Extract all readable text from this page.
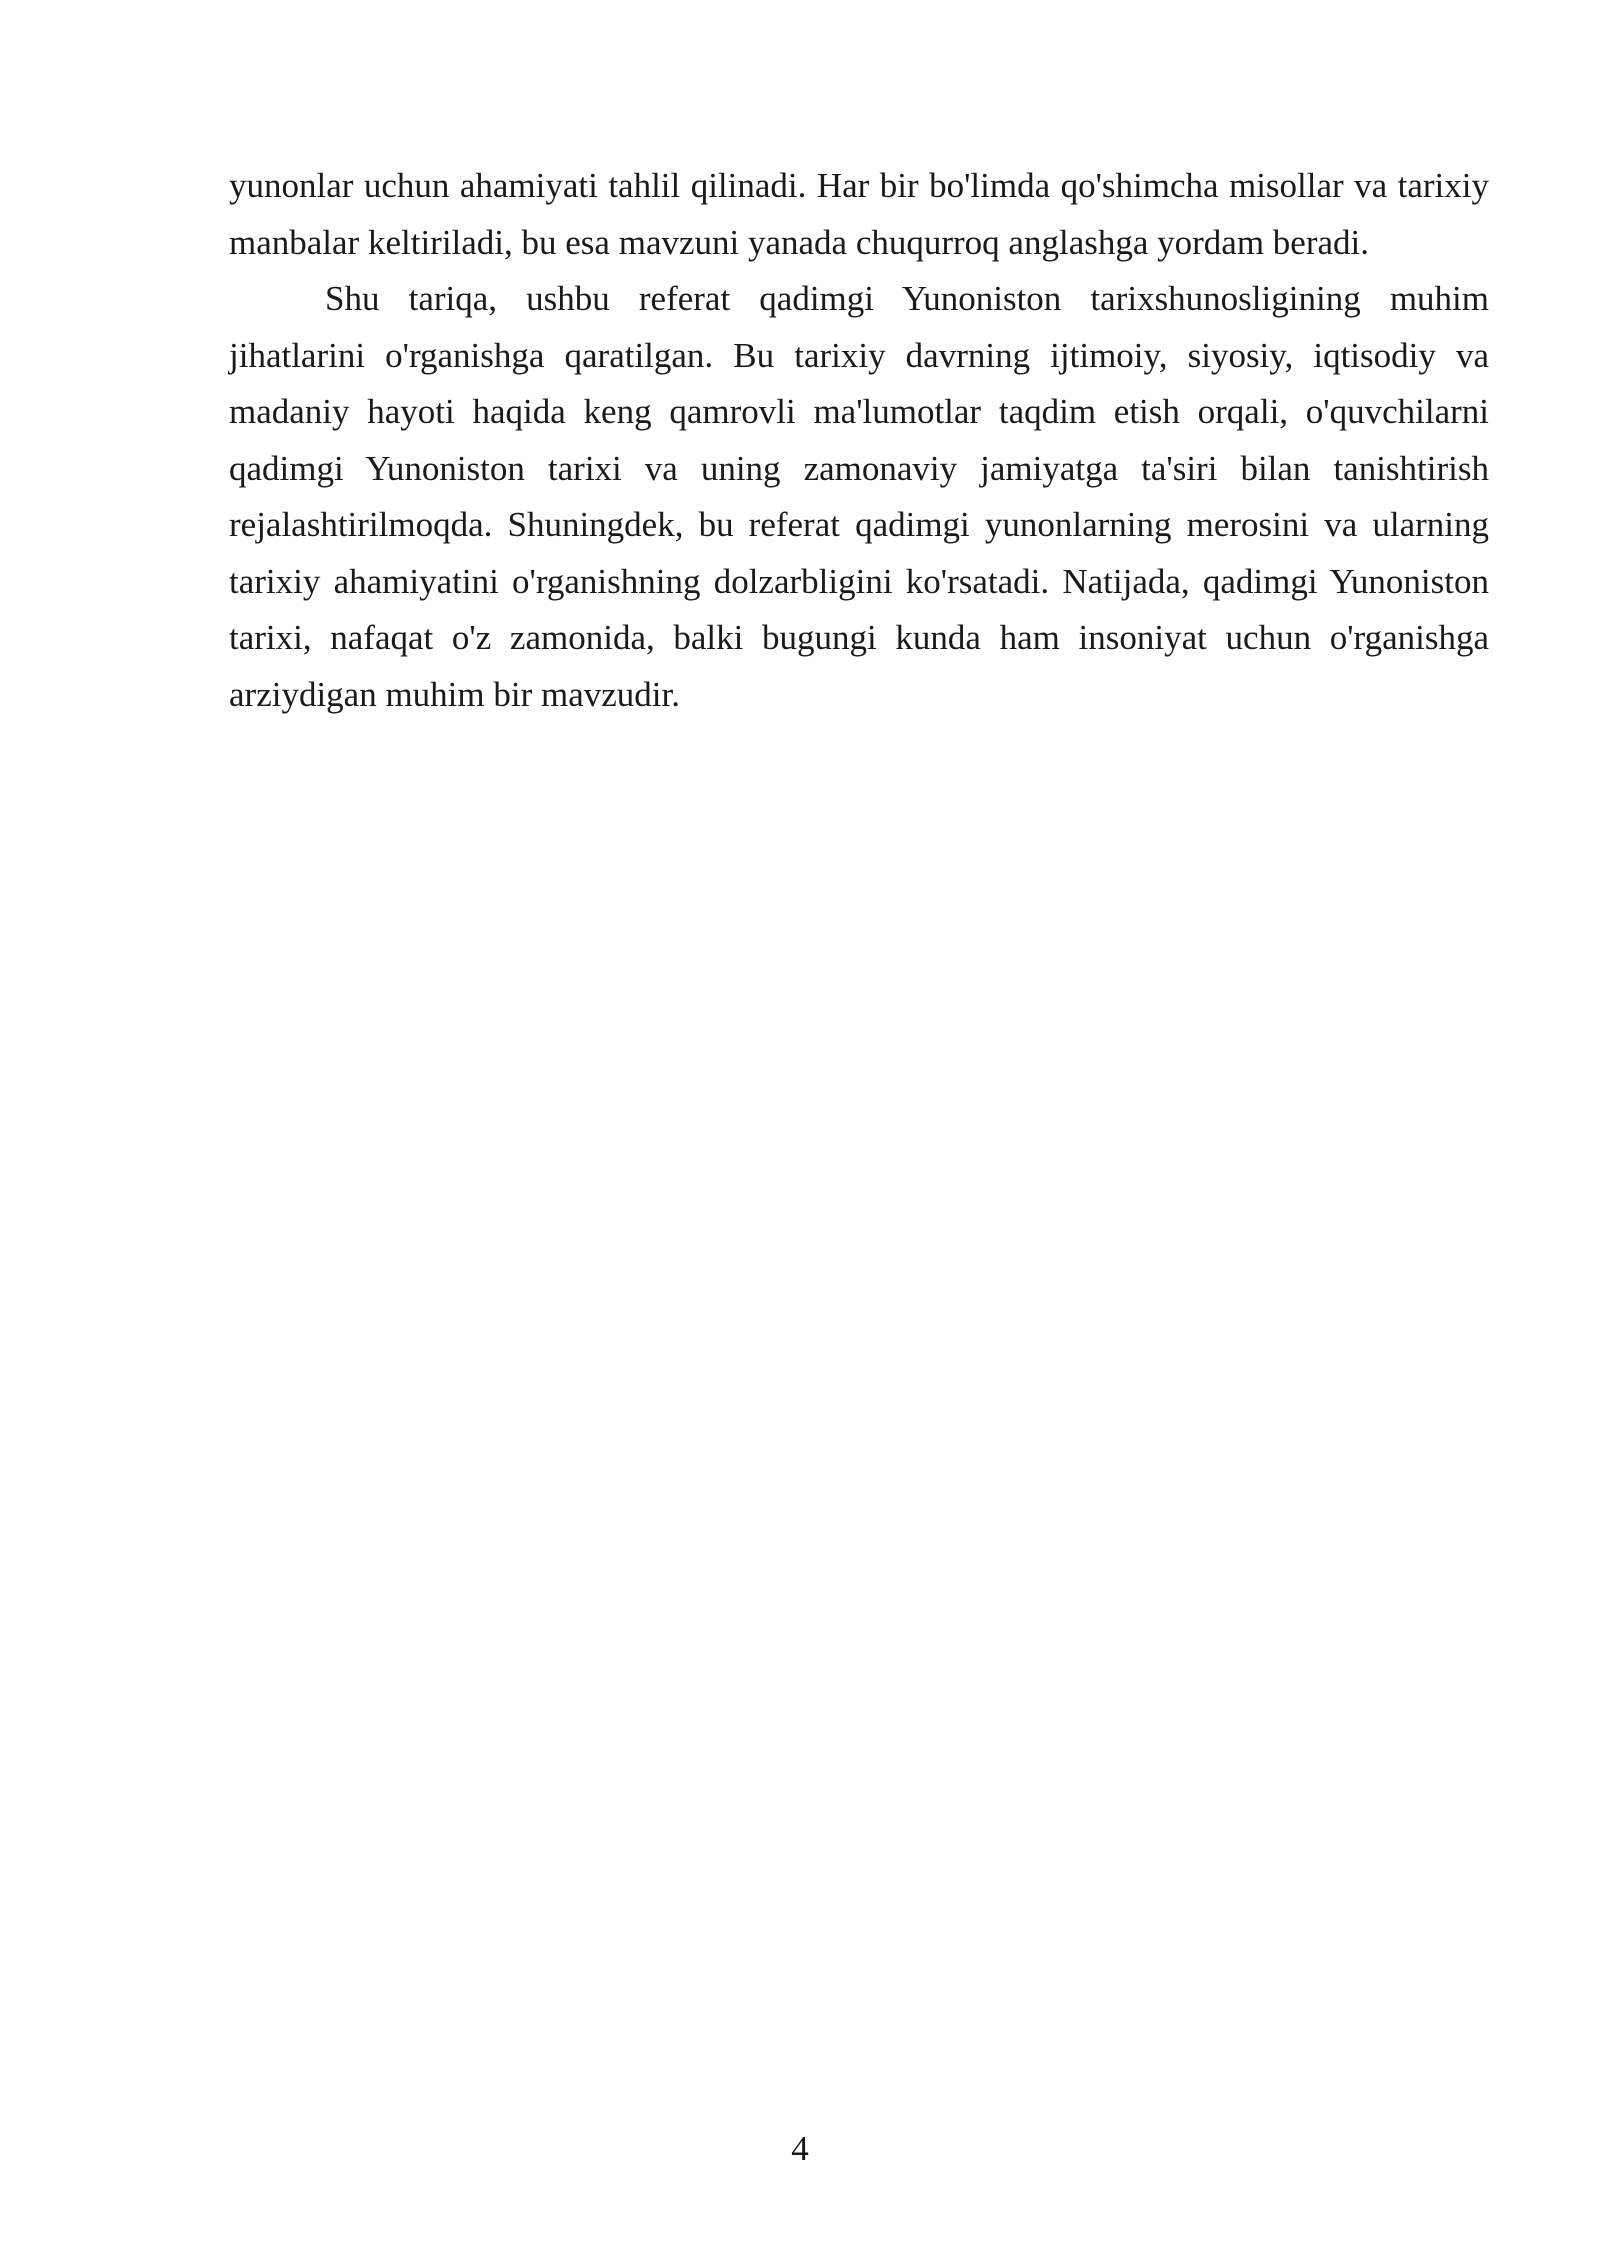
yunonlar uchun ahamiyati tahlil qilinadi. Har bir bo'limda qo'shimcha misollar va tarixiy manbalar keltiriladi, bu esa mavzuni yanada chuqurroq anglashga yordam beradi.

Shu tariqa, ushbu referat qadimgi Yunoniston tarixshunosligining muhim jihatlarini o'rganishga qaratilgan. Bu tarixiy davrning ijtimoiy, siyosiy, iqtisodiy va madaniy hayoti haqida keng qamrovli ma'lumotlar taqdim etish orqali, o'quvchilarni qadimgi Yunoniston tarixi va uning zamonaviy jamiyatga ta'siri bilan tanishtirish rejalashtirilmoqda. Shuningdek, bu referat qadimgi yunonlarning merosini va ularning tarixiy ahamiyatini o'rganishning dolzarbligini ko'rsatadi. Natijada, qadimgi Yunoniston tarixi, nafaqat o'z zamonida, balki bugungi kunda ham insoniyat uchun o'rganishga arziydigan muhim bir mavzudir.

4
